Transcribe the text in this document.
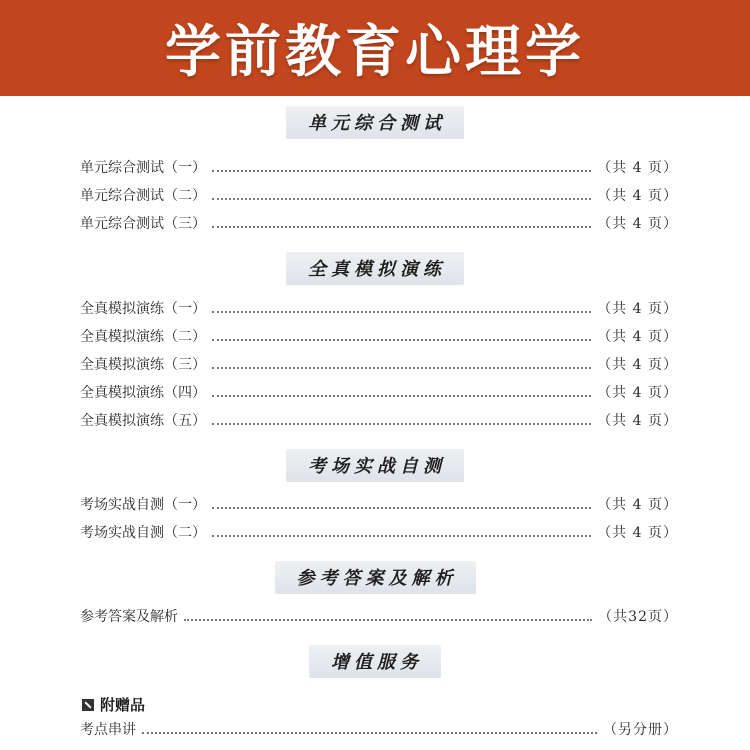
学前教育心理学
单元综合测试
单元综合测试（一）	（共 4 页）
单元综合测试（二）	（共 4 页）
单元综合测试（三）	（共 4 页）
全真模拟演练
全真模拟演练（一）	（共 4 页）
全真模拟演练（二）	（共 4 页）
全真模拟演练（三）	（共 4 页）
全真模拟演练（四）	（共 4 页）
全真模拟演练（五）	（共 4 页）
考场实战自测
考场实战自测（一）	（共 4 页）
考场实战自测（二）	（共 4 页）
参考答案及解析
参考答案及解析	（共32页）
增值服务
附赠品
考点串讲	（另分册）
